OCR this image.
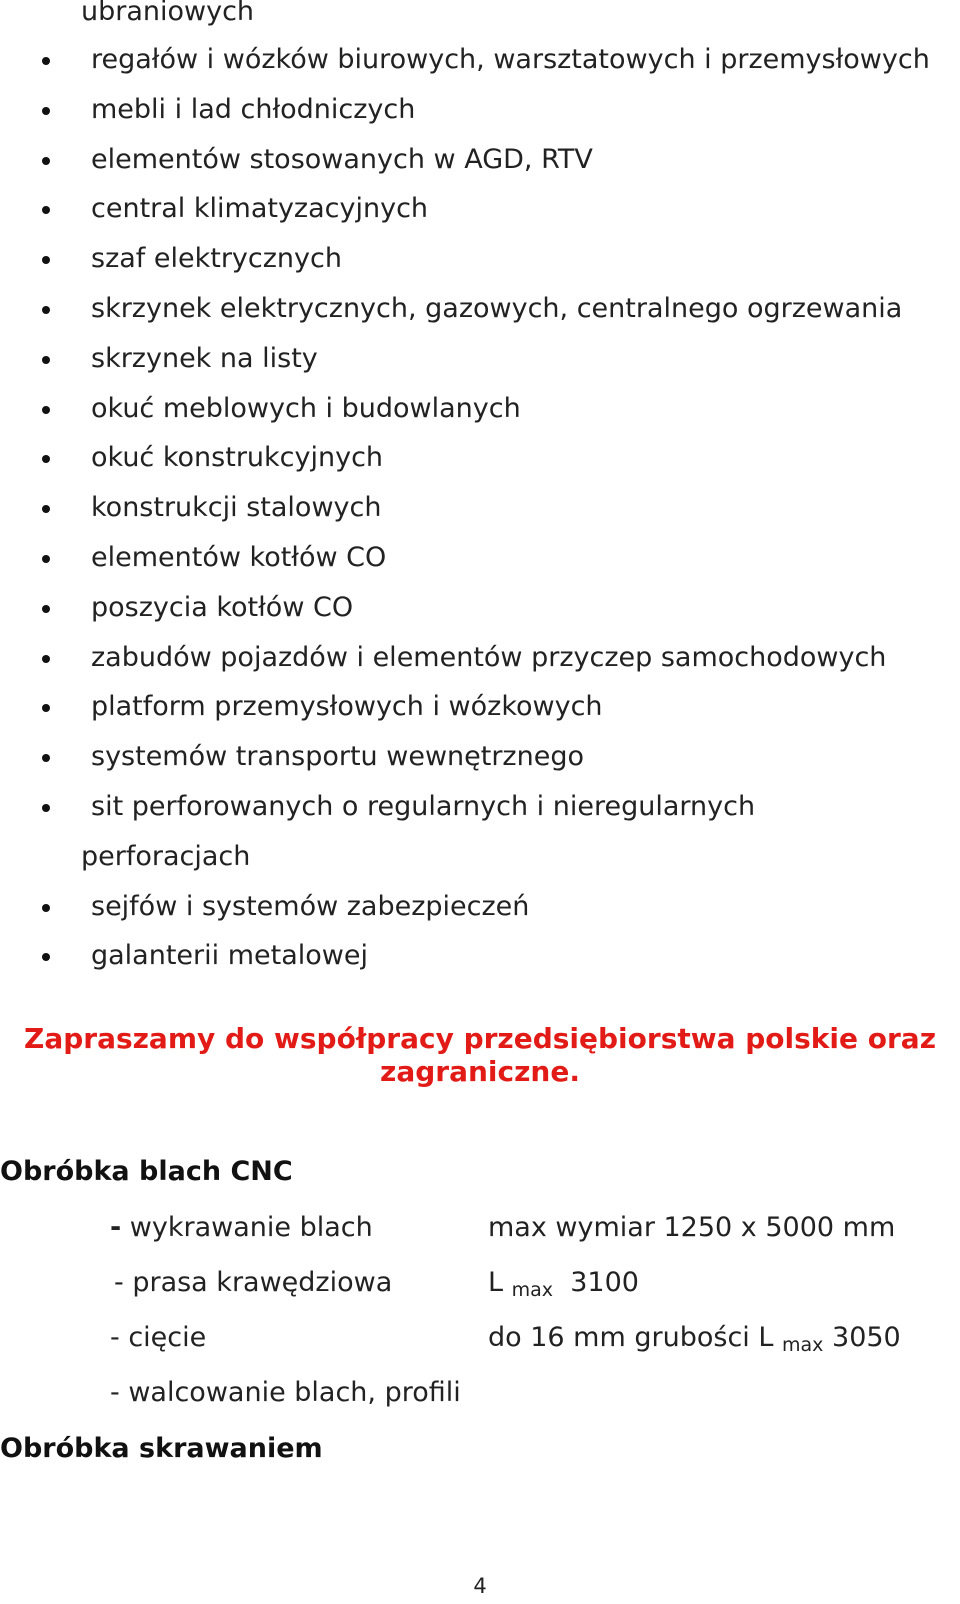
ubraniowych
regałów i wózków biurowych, warsztatowych i przemysłowych
mebli i lad chłodniczych
elementów stosowanych w AGD, RTV
central klimatyzacyjnych
szaf elektrycznych
skrzynek elektrycznych, gazowych, centralnego ogrzewania
skrzynek na listy
okuć meblowych i budowlanych
okuć konstrukcyjnych
konstrukcji stalowych
elementów kotłów CO
poszycia kotłów CO
zabudów pojazdów i elementów przyczep samochodowych
platform przemysłowych i wózkowych
systemów transportu wewnętrznego
sit perforowanych o regularnych i nieregularnych
perforacjach
sejfów i systemów zabezpieczeń
galanterii metalowej
Zapraszamy do współpracy przedsiębiorstwa polskie oraz
zagraniczne.
Obróbka blach CNC
- wykrawanie blach	max wymiar 1250 x 5000 mm
- prasa krawędziowa	L max 3100
- cięcie	do 16 mm grubości L max 3050
- walcowanie blach, profili
Obróbka skrawaniem
4
